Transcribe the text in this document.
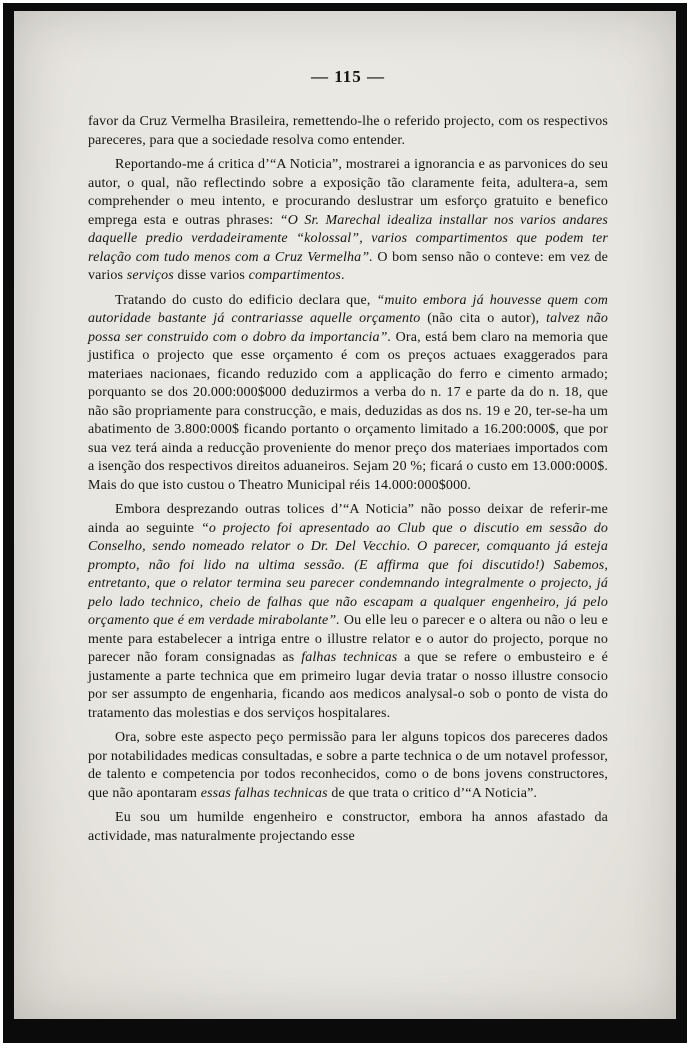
— 115 —

favor da Cruz Vermelha Brasileira, remettendo-lhe o referido projecto, com os respectivos pareceres, para que a sociedade resolva como entender.

Reportando-me á critica d’“A Noticia”, mostrarei a ignorancia e as parvonices do seu autor, o qual, não reflectindo sobre a exposição tão claramente feita, adultera-a, sem comprehender o meu intento, e procurando deslustrar um esforço gratuito e benefico emprega esta e outras phrases: “O Sr. Marechal idealiza installar nos varios andares daquelle predio verdadeiramente “kolossal”, varios compartimentos que podem ter relação com tudo menos com a Cruz Vermelha”. O bom senso não o conteve: em vez de varios serviços disse varios compartimentos.

Tratando do custo do edificio declara que, “muito embora já houvesse quem com autoridade bastante já contrariasse aquelle orçamento (não cita o autor), talvez não possa ser construido com o dobro da importancia”. Ora, está bem claro na memoria que justifica o projecto que esse orçamento é com os preços actuaes exaggerados para materiaes nacionaes, ficando reduzido com a applicação do ferro e cimento armado; porquanto se dos 20.000:000$000 deduzirmos a verba do n. 17 e parte da do n. 18, que não são propriamente para construcção, e mais, deduzidas as dos ns. 19 e 20, ter-se-ha um abatimento de 3.800:000$ ficando portanto o orçamento limitado a 16.200:000$, que por sua vez terá ainda a reducção proveniente do menor preço dos materiaes importados com a isenção dos respectivos direitos aduaneiros. Sejam 20 %; ficará o custo em 13.000:000$. Mais do que isto custou o Theatro Municipal réis 14.000:000$000.

Embora desprezando outras tolices d’“A Noticia” não posso deixar de referir-me ainda ao seguinte “o projecto foi apresentado ao Club que o discutio em sessão do Conselho, sendo nomeado relator o Dr. Del Vecchio. O parecer, comquanto já esteja prompto, não foi lido na ultima sessão. (E affirma que foi discutido!) Sabemos, entretanto, que o relator termina seu parecer condemnando integralmente o projecto, já pelo lado technico, cheio de falhas que não escapam a qualquer engenheiro, já pelo orçamento que é em verdade mirabolante”. Ou elle leu o parecer e o altera ou não o leu e mente para estabelecer a intriga entre o illustre relator e o autor do projecto, porque no parecer não foram consignadas as falhas technicas a que se refere o embusteiro e é justamente a parte technica que em primeiro lugar devia tratar o nosso illustre consocio por ser assumpto de engenharia, ficando aos medicos analysal-o sob o ponto de vista do tratamento das molestias e dos serviços hospitalares.

Ora, sobre este aspecto peço permissão para ler alguns topicos dos pareceres dados por notabilidades medicas consultadas, e sobre a parte technica o de um notavel professor, de talento e competencia por todos reconhecidos, como o de bons jovens constructores, que não apontaram essas falhas technicas de que trata o critico d’“A Noticia”.

Eu sou um humilde engenheiro e constructor, embora ha annos afastado da actividade, mas naturalmente projectando esse
